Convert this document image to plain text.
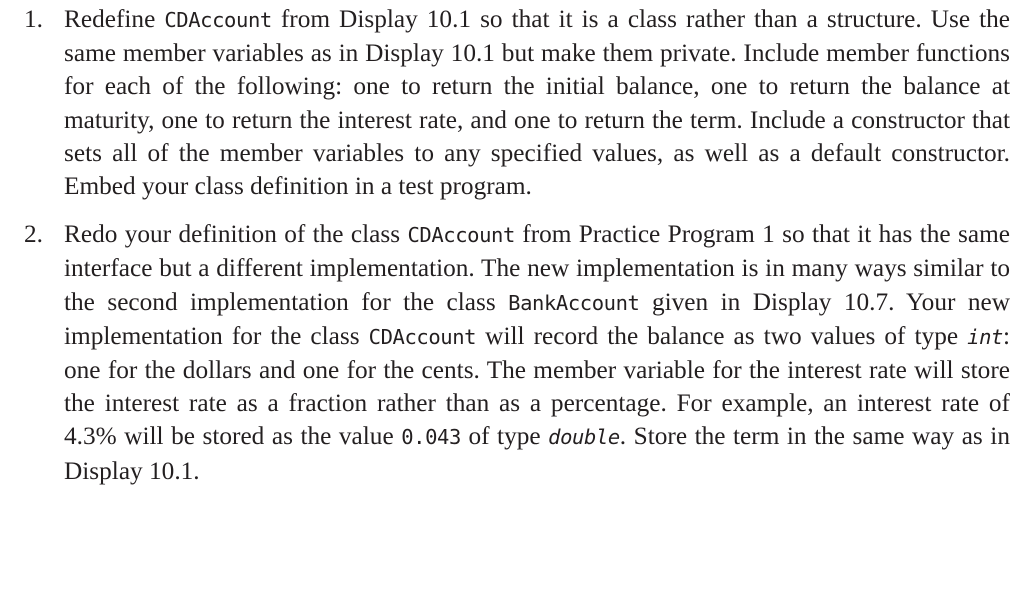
1. Redefine CDAccount from Display 10.1 so that it is a class rather than a structure. Use the same member variables as in Display 10.1 but make them private. Include member functions for each of the following: one to return the initial balance, one to return the balance at maturity, one to return the interest rate, and one to return the term. Include a constructor that sets all of the member variables to any specified values, as well as a default constructor. Embed your class definition in a test program.
2. Redo your definition of the class CDAccount from Practice Program 1 so that it has the same interface but a different implementation. The new implementation is in many ways similar to the second implementation for the class BankAccount given in Display 10.7. Your new implementation for the class CDAccount will record the balance as two values of type int: one for the dollars and one for the cents. The member variable for the interest rate will store the interest rate as a fraction rather than as a percentage. For example, an interest rate of 4.3% will be stored as the value 0.043 of type double. Store the term in the same way as in Display 10.1.
